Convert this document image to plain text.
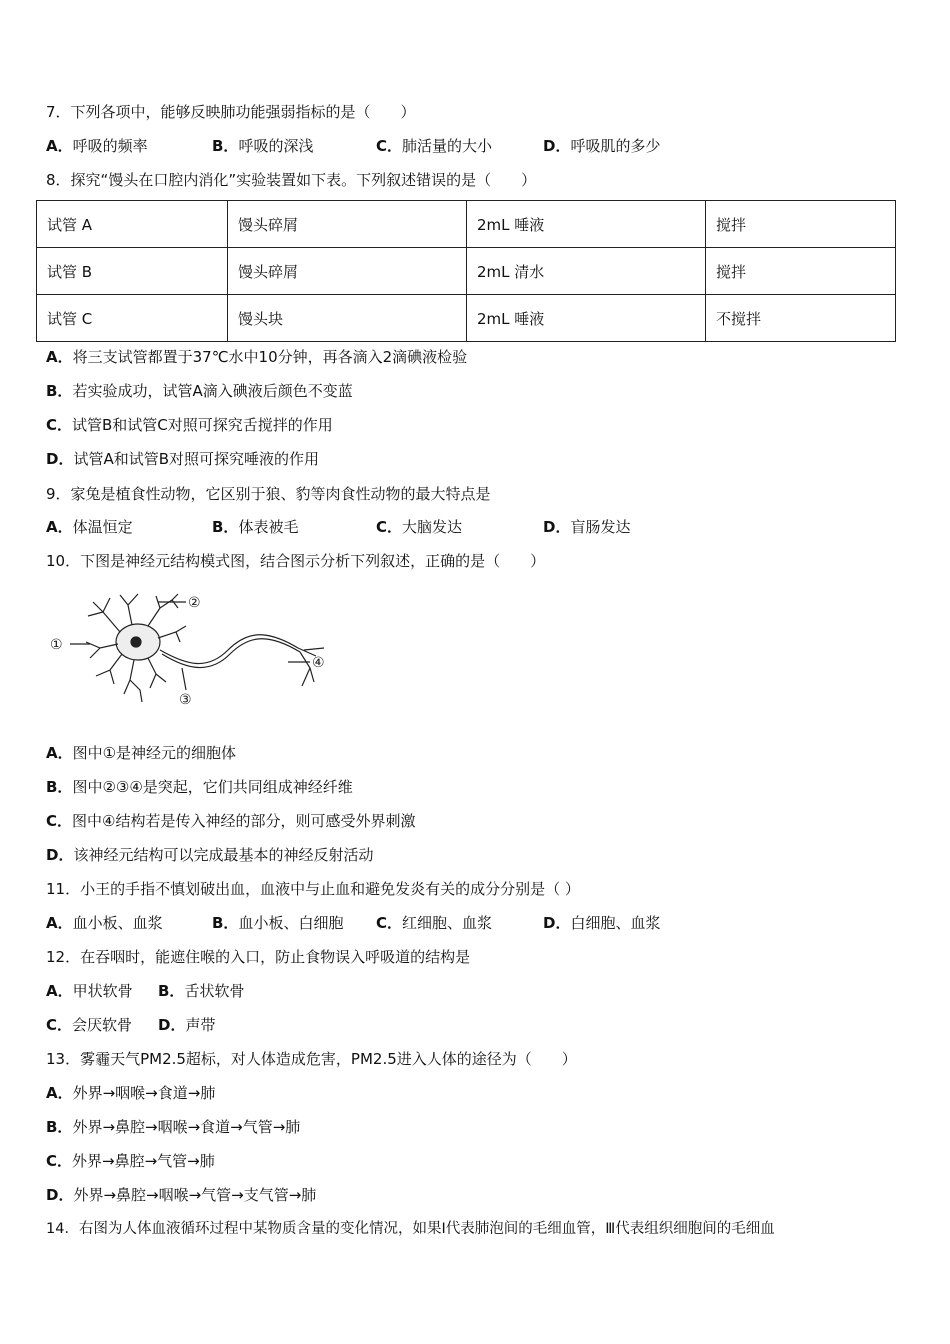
7．下列各项中，能够反映肺功能强弱指标的是（　　）
A．呼吸的频率	B．呼吸的深浅	C．肺活量的大小	D．呼吸肌的多少
8．探究“馒头在口腔内消化”实验装置如下表。下列叙述错误的是（　　）
试管 A	馒头碎屑	2mL 唾液	搅拌
试管 B	馒头碎屑	2mL 清水	搅拌
试管 C	馒头块	2mL 唾液	不搅拌
A．将三支试管都置于37℃水中10分钟，再各滴入2滴碘液检验
B．若实验成功，试管A滴入碘液后颜色不变蓝
C．试管B和试管C对照可探究舌搅拌的作用
D．试管A和试管B对照可探究唾液的作用
9．家兔是植食性动物，它区别于狼、豹等肉食性动物的最大特点是
A．体温恒定	B．体表被毛	C．大脑发达	D．盲肠发达
10．下图是神经元结构模式图，结合图示分析下列叙述，正确的是（　　）
①
②
③
④
A．图中①是神经元的细胞体
B．图中②③④是突起，它们共同组成神经纤维
C．图中④结构若是传入神经的部分，则可感受外界刺激
D．该神经元结构可以完成最基本的神经反射活动
11．小王的手指不慎划破出血，血液中与止血和避免发炎有关的成分分别是（ ）
A．血小板、血浆	B．血小板、白细胞 C．红细胞、血浆	D．白细胞、血浆
12．在吞咽时，能遮住喉的入口，防止食物误入呼吸道的结构是
A．甲状软骨 B．舌状软骨
C．会厌软骨 D．声带
13．雾霾天气PM2.5超标，对人体造成危害，PM2.5进入人体的途径为（　　）
A．外界→咽喉→食道→肺
B．外界→鼻腔→咽喉→食道→气管→肺
C．外界→鼻腔→气管→肺
D．外界→鼻腔→咽喉→气管→支气管→肺
14．右图为人体血液循环过程中某物质含量的变化情况，如果Ⅰ代表肺泡间的毛细血管，Ⅲ代表组织细胞间的毛细血
